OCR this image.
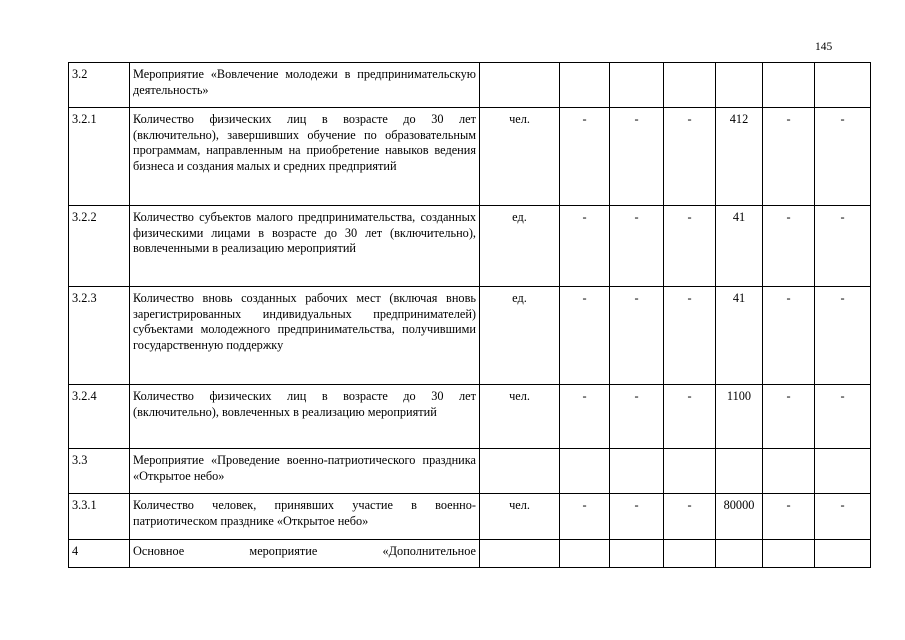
145
3.2	Мероприятие «Вовлечение молодежи в предпринимательскую деятельность»							
3.2.1	Количество физических лиц в возрасте до 30 лет (включительно), завершивших обучение по образовательным программам, направленным на приобретение навыков ведения бизнеса и создания малых и средних предприятий	чел.	-	-	-	412	-	-
3.2.2	Количество субъектов малого предпринимательства, созданных физическими лицами в возрасте до 30 лет (включительно), вовлеченными в реализацию мероприятий	ед.	-	-	-	41	-	-
3.2.3	Количество вновь созданных рабочих мест (включая вновь зарегистрированных индивидуальных предпринимателей) субъектами молодежного предпринимательства, получившими государственную поддержку	ед.	-	-	-	41	-	-
3.2.4	Количество физических лиц в возрасте до 30 лет (включительно), вовлеченных в реализацию мероприятий	чел.	-	-	-	1100	-	-
3.3	Мероприятие «Проведение военно-патриотического праздника «Открытое небо»							
3.3.1	Количество человек, принявших участие в военно-патриотическом празднике «Открытое небо»	чел.	-	-	-	80000	-	-
4	Основное мероприятие «Дополнительное							
